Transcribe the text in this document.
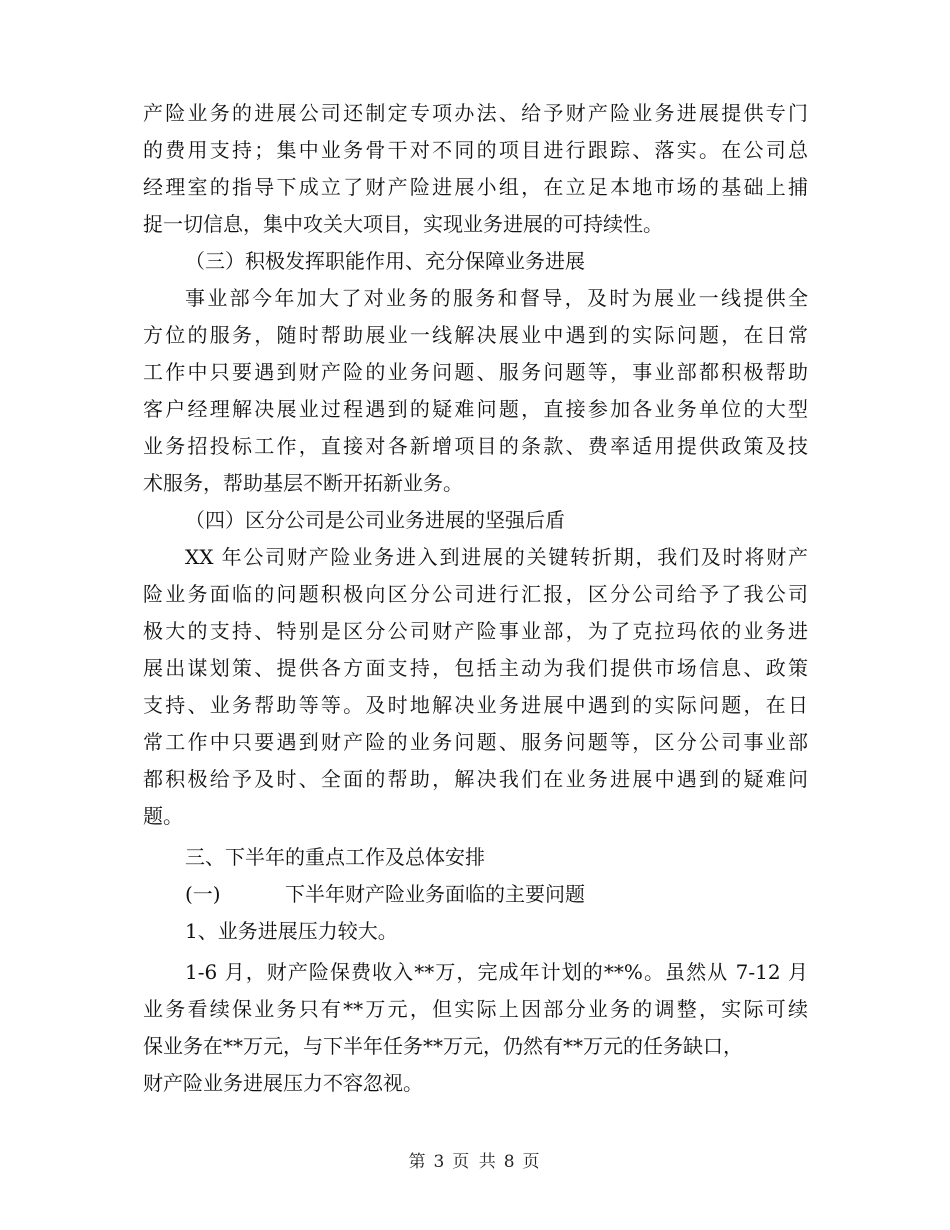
产险业务的进展公司还制定专项办法、给予财产险业务进展提供专门
的费用支持；集中业务骨干对不同的项目进行跟踪、落实。在公司总
经理室的指导下成立了财产险进展小组，在立足本地市场的基础上捕
捉一切信息，集中攻关大项目，实现业务进展的可持续性。
（三）积极发挥职能作用、充分保障业务进展
事业部今年加大了对业务的服务和督导，及时为展业一线提供全
方位的服务，随时帮助展业一线解决展业中遇到的实际问题，在日常
工作中只要遇到财产险的业务问题、服务问题等，事业部都积极帮助
客户经理解决展业过程遇到的疑难问题，直接参加各业务单位的大型
业务招投标工作，直接对各新增项目的条款、费率适用提供政策及技
术服务，帮助基层不断开拓新业务。
（四）区分公司是公司业务进展的坚强后盾
XX 年公司财产险业务进入到进展的关键转折期，我们及时将财产
险业务面临的问题积极向区分公司进行汇报，区分公司给予了我公司
极大的支持、特别是区分公司财产险事业部，为了克拉玛依的业务进
展出谋划策、提供各方面支持，包括主动为我们提供市场信息、政策
支持、业务帮助等等。及时地解决业务进展中遇到的实际问题，在日
常工作中只要遇到财产险的业务问题、服务问题等，区分公司事业部
都积极给予及时、全面的帮助，解决我们在业务进展中遇到的疑难问
题。
三、下半年的重点工作及总体安排
(一)	下半年财产险业务面临的主要问题
1、业务进展压力较大。
1-6 月，财产险保费收入**万，完成年计划的**%。虽然从 7-12 月
业务看续保业务只有**万元，但实际上因部分业务的调整，实际可续
保业务在**万元，与下半年任务**万元，仍然有**万元的任务缺口，
财产险业务进展压力不容忽视。
第 3 页 共 8 页
